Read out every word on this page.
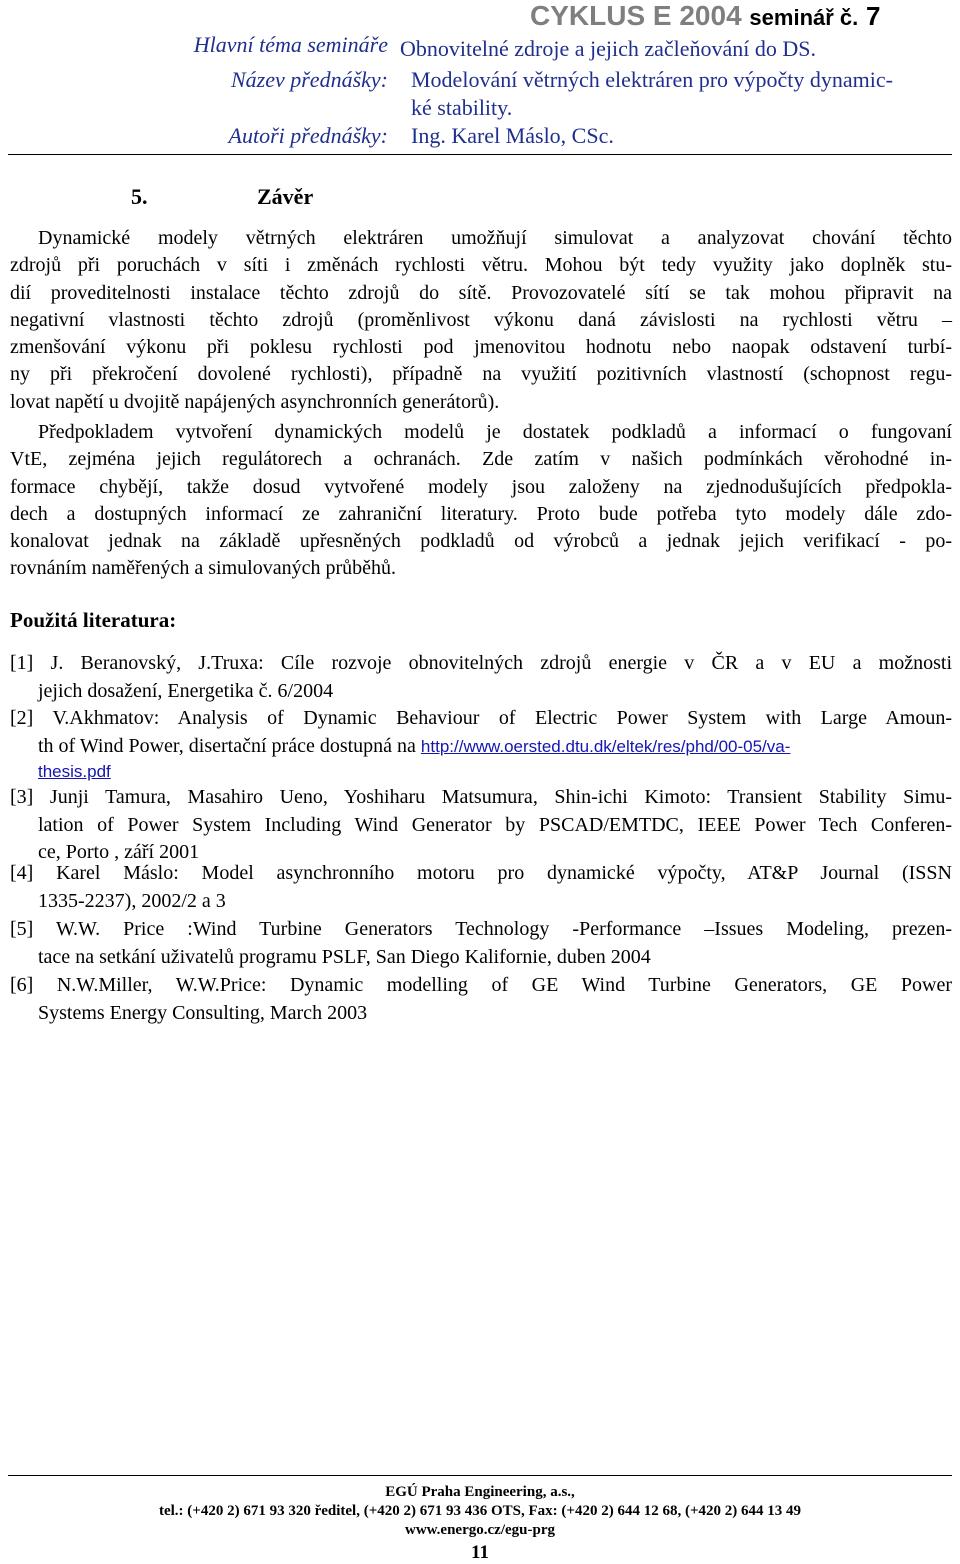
CYKLUS E 2004 seminář č. 7
Hlavní téma semináře
Název přednášky:
Autoři přednášky:
Obnovitelné zdroje a jejich začleňování do DS.
Modelování větrných elektráren pro výpočty dynamic-
ké stability.
Ing. Karel Máslo, CSc.
5.	Závěr
Dynamické modely větrných elektráren umožňují simulovat a analyzovat chování těchto
zdrojů při poruchách v síti i změnách rychlosti větru. Mohou být tedy využity jako doplněk stu-
dií proveditelnosti instalace těchto zdrojů do sítě. Provozovatelé sítí se tak mohou připravit na
negativní vlastnosti těchto zdrojů (proměnlivost výkonu daná závislosti na rychlosti větru –
zmenšování výkonu při poklesu rychlosti pod jmenovitou hodnotu nebo naopak odstavení turbí-
ny při překročení dovolené rychlosti), případně na využití pozitivních vlastností (schopnost regu-
lovat napětí u dvojitě napájených asynchronních generátorů).
Předpokladem vytvoření dynamických modelů je dostatek podkladů a informací o fungovaní
VtE, zejména jejich regulátorech a ochranách. Zde zatím v našich podmínkách věrohodné in-
formace chybějí, takže dosud vytvořené modely jsou založeny na zjednodušujících předpokla-
dech a dostupných informací ze zahraniční literatury. Proto bude potřeba tyto modely dále zdo-
konalovat jednak na základě upřesněných podkladů od výrobců a jednak jejich verifikací - po-
rovnáním naměřených a simulovaných průběhů.
Použitá literatura:
[1] J. Beranovský, J.Truxa: Cíle rozvoje obnovitelných zdrojů energie v ČR a v EU a možnosti
jejich dosažení, Energetika č. 6/2004
[2] V.Akhmatov: Analysis of Dynamic Behaviour of Electric Power System with Large Amoun-
th of Wind Power, disertační práce dostupná na http://www.oersted.dtu.dk/eltek/res/phd/00-05/va-
thesis.pdf
[3] Junji Tamura, Masahiro Ueno, Yoshiharu Matsumura, Shin-ichi Kimoto: Transient Stability Simu-
lation of Power System Including Wind Generator by PSCAD/EMTDC, IEEE Power Tech Conferen-
ce, Porto , září 2001
[4] Karel Máslo: Model asynchronního motoru pro dynamické výpočty, AT&P Journal (ISSN
1335-2237), 2002/2 a 3
[5] W.W. Price :Wind Turbine Generators Technology -Performance –Issues Modeling, prezen-
tace na setkání uživatelů programu PSLF, San Diego Kalifornie, duben 2004
[6] N.W.Miller, W.W.Price: Dynamic modelling of GE Wind Turbine Generators, GE Power
Systems Energy Consulting, March 2003
EGÚ Praha Engineering, a.s.,
tel.: (+420 2) 671 93 320 ředitel, (+420 2) 671 93 436 OTS, Fax: (+420 2) 644 12 68, (+420 2) 644 13 49
www.energo.cz/egu-prg
11
